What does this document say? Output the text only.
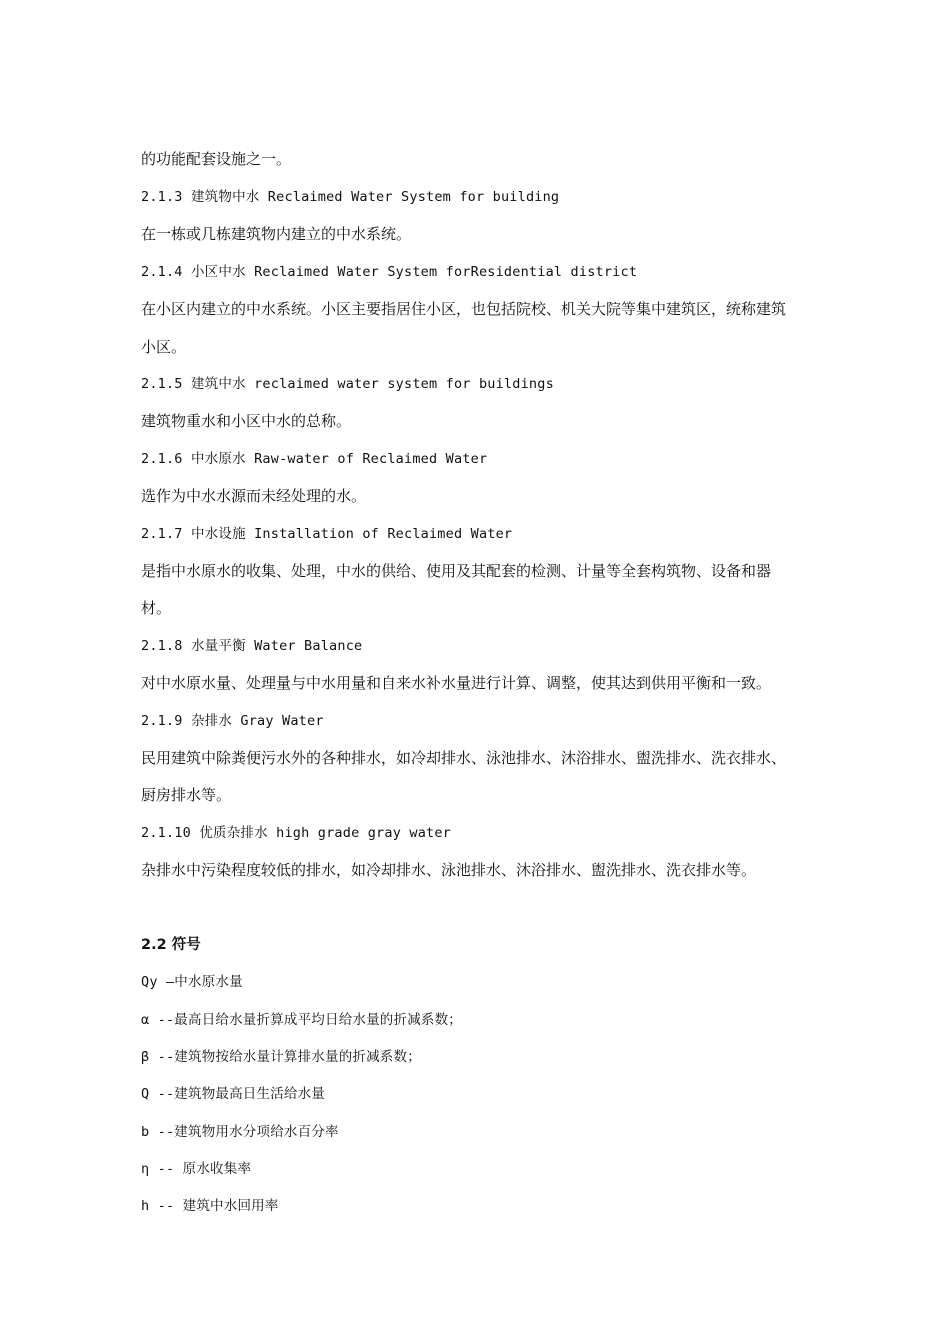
的功能配套设施之一。
2.1.3 建筑物中水 Reclaimed Water System for building
在一栋或几栋建筑物内建立的中水系统。
2.1.4 小区中水 Reclaimed Water System forResidential district
在小区内建立的中水系统。小区主要指居住小区，也包括院校、机关大院等集中建筑区，统称建筑
小区。
2.1.5 建筑中水 reclaimed water system for buildings
建筑物重水和小区中水的总称。
2.1.6 中水原水 Raw-water of Reclaimed Water
选作为中水水源而未经处理的水。
2.1.7 中水设施 Installation of Reclaimed Water
是指中水原水的收集、处理，中水的供给、使用及其配套的检测、计量等全套构筑物、设备和器
材。
2.1.8 水量平衡 Water Balance
对中水原水量、处理量与中水用量和自来水补水量进行计算、调整，使其达到供用平衡和一致。
2.1.9 杂排水 Gray Water
民用建筑中除粪便污水外的各种排水，如冷却排水、泳池排水、沐浴排水、盥洗排水、洗衣排水、
厨房排水等。
2.1.10 优质杂排水 high grade gray water
杂排水中污染程度较低的排水，如冷却排水、泳池排水、沐浴排水、盥洗排水、洗衣排水等。
2.2 符号
Qy —中水原水量
α --最高日给水量折算成平均日给水量的折减系数；
β --建筑物按给水量计算排水量的折减系数；
Q --建筑物最高日生活给水量
b --建筑物用水分项给水百分率
η -- 原水收集率
h -- 建筑中水回用率
